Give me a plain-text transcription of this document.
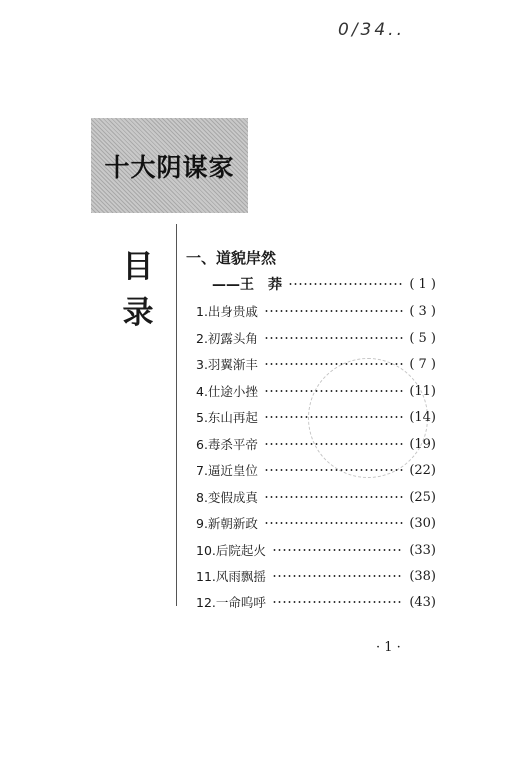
0/34..
十大阴谋家
目
录
一、道貌岸然
——王　莽	( 1 )
1.出身贵戚	( 3 )
2.初露头角	( 5 )
3.羽翼渐丰	( 7 )
4.仕途小挫	(11)
5.东山再起	(14)
6.毒杀平帝	(19)
7.逼近皇位	(22)
8.变假成真	(25)
9.新朝新政	(30)
10.后院起火	(33)
11.风雨飘摇	(38)
12.一命呜呼	(43)
· 1 ·
